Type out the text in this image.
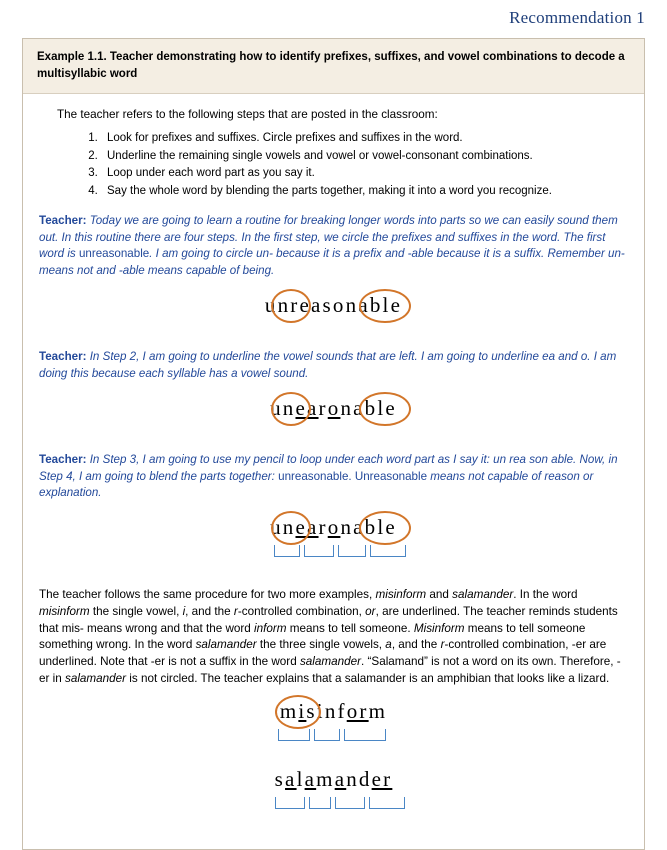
Recommendation 1
Example 1.1. Teacher demonstrating how to identify prefixes, suffixes, and vowel combinations to decode a multisyllabic word
The teacher refers to the following steps that are posted in the classroom:
1. Look for prefixes and suffixes. Circle prefixes and suffixes in the word.
2. Underline the remaining single vowels and vowel or vowel-consonant combinations.
3. Loop under each word part as you say it.
4. Say the whole word by blending the parts together, making it into a word you recognize.
Teacher: Today we are going to learn a routine for breaking longer words into parts so we can easily sound them out. In this routine there are four steps. In the first step, we circle the prefixes and suffixes in the word. The first word is unreasonable. I am going to circle un- because it is a prefix and -able because it is a suffix. Remember un- means not and -able means capable of being.
unreasonable
Teacher: In Step 2, I am going to underline the vowel sounds that are left. I am going to underline ea and o. I am doing this because each syllable has a vowel sound.
unearonable
Teacher: In Step 3, I am going to use my pencil to loop under each word part as I say it: un rea son able. Now, in Step 4, I am going to blend the parts together: unreasonable. Unreasonable means not capable of reason or explanation.
unearonable
The teacher follows the same procedure for two more examples, misinform and salamander. In the word misinform the single vowel, i, and the r-controlled combination, or, are underlined. The teacher reminds students that mis- means wrong and that the word inform means to tell someone. Misinform means to tell someone something wrong. In the word salamander the three single vowels, a, and the r-controlled combination, -er are underlined. Note that -er is not a suffix in the word salamander. “Salamand” is not a word on its own. Therefore, -er in salamander is not circled. The teacher explains that a salamander is an amphibian that looks like a lizard.
misinform
salamander
